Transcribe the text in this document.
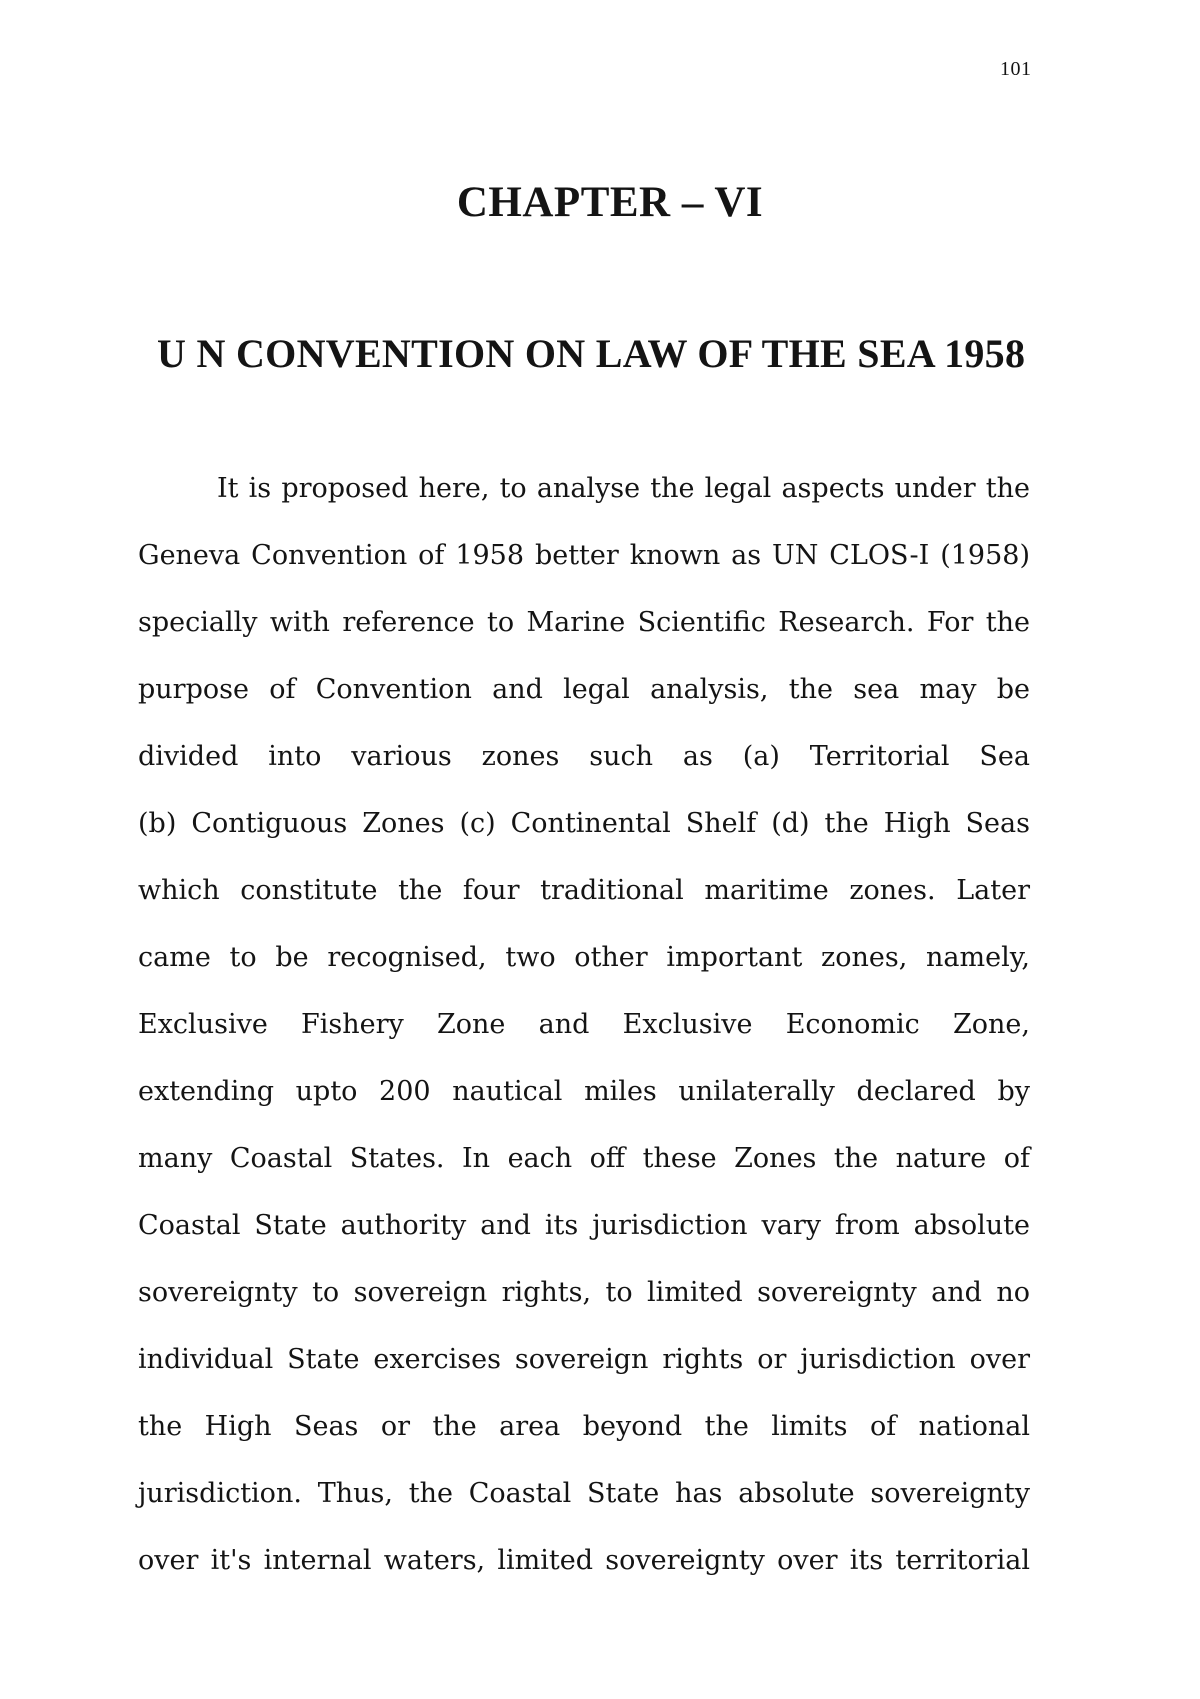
101
CHAPTER – VI
U N CONVENTION ON LAW OF THE SEA 1958
It is proposed here, to analyse the legal aspects under the
Geneva Convention of 1958 better known as UN CLOS-I (1958)
specially with reference to Marine Scientific Research. For the
purpose of Convention and legal analysis, the sea may be
divided into various zones such as (a) Territorial Sea
(b) Contiguous Zones (c) Continental Shelf (d) the High Seas
which constitute the four traditional maritime zones. Later
came to be recognised, two other important zones, namely,
Exclusive Fishery Zone and Exclusive Economic Zone,
extending upto 200 nautical miles unilaterally declared by
many Coastal States. In each off these Zones the nature of
Coastal State authority and its jurisdiction vary from absolute
sovereignty to sovereign rights, to limited sovereignty and no
individual State exercises sovereign rights or jurisdiction over
the High Seas or the area beyond the limits of national
jurisdiction. Thus, the Coastal State has absolute sovereignty
over it's internal waters, limited sovereignty over its territorial
